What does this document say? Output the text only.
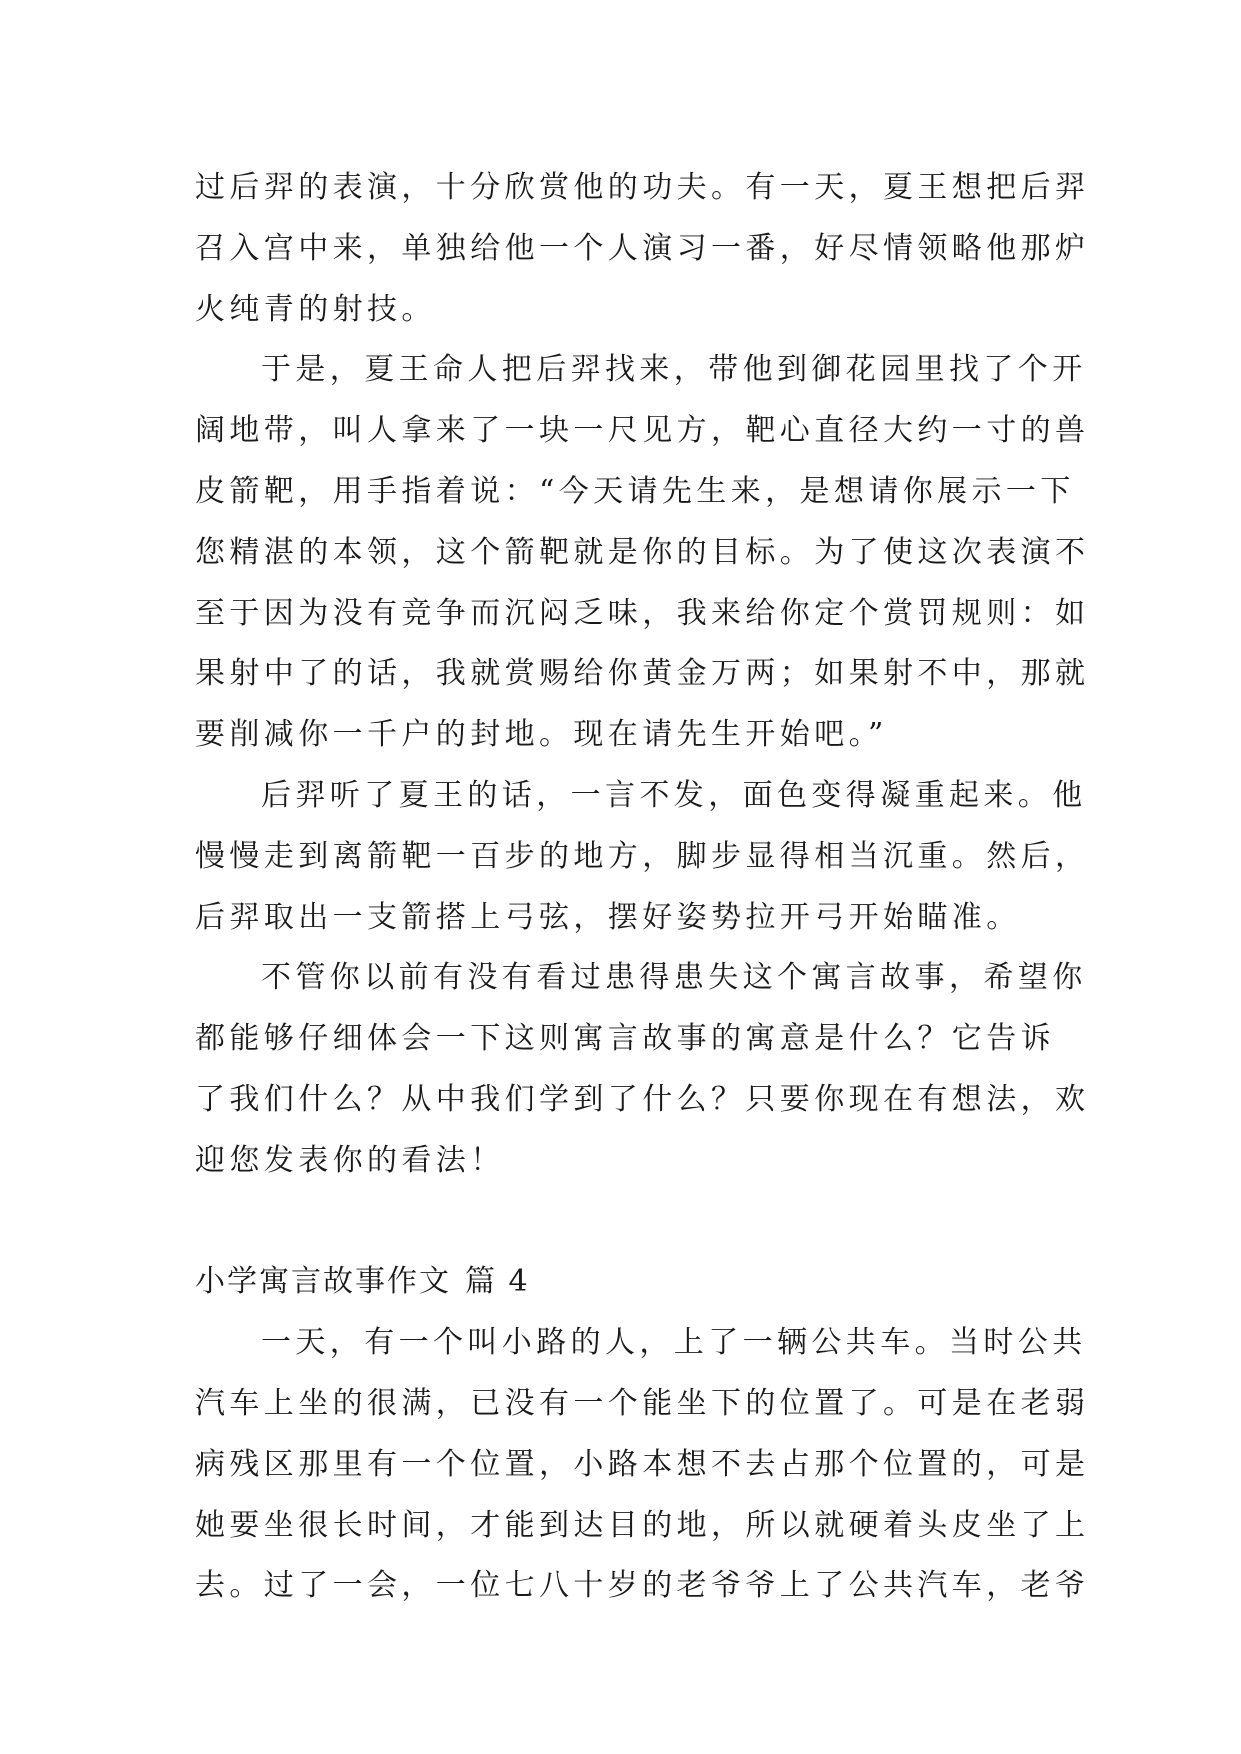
过后羿的表演，十分欣赏他的功夫。有一天，夏王想把后羿
召入宫中来，单独给他一个人演习一番，好尽情领略他那炉
火纯青的射技。
于是，夏王命人把后羿找来，带他到御花园里找了个开
阔地带，叫人拿来了一块一尺见方，靶心直径大约一寸的兽
皮箭靶，用手指着说：“今天请先生来，是想请你展示一下
您精湛的本领，这个箭靶就是你的目标。为了使这次表演不
至于因为没有竞争而沉闷乏味，我来给你定个赏罚规则：如
果射中了的话，我就赏赐给你黄金万两；如果射不中，那就
要削减你一千户的封地。现在请先生开始吧。”
后羿听了夏王的话，一言不发，面色变得凝重起来。他
慢慢走到离箭靶一百步的地方，脚步显得相当沉重。然后，
后羿取出一支箭搭上弓弦，摆好姿势拉开弓开始瞄准。
不管你以前有没有看过患得患失这个寓言故事，希望你
都能够仔细体会一下这则寓言故事的寓意是什么？它告诉
了我们什么？从中我们学到了什么？只要你现在有想法，欢
迎您发表你的看法！
小学寓言故事作文 篇 4
一天，有一个叫小路的人，上了一辆公共车。当时公共
汽车上坐的很满，已没有一个能坐下的位置了。可是在老弱
病残区那里有一个位置，小路本想不去占那个位置的，可是
她要坐很长时间，才能到达目的地，所以就硬着头皮坐了上
去。过了一会，一位七八十岁的老爷爷上了公共汽车，老爷
